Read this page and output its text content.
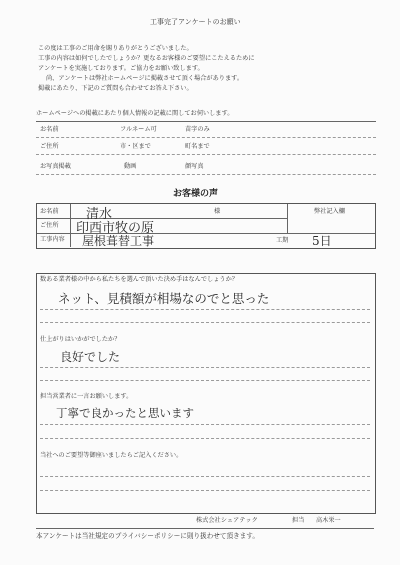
工事完了アンケートのお願い
この度は工事のご用命を賜りありがとうございました。
工事の内容は如何でしたでしょうか？更なるお客様のご要望にこたえるために
アンケートを実施しております。ご協力をお願い致します。
尚、アンケートは弊社ホームページに掲載させて頂く場合があります。
掲載にあたり、下記のご質問も合わせてお答え下さい。
ホームページへの掲載にあたり個人情報の記載に関してお伺いします。
お名前	フルネーム可	苗字のみ
ご住所	市・区まで	町名まで
お写真掲載	動画	顔写真
お客様の声
お名前 清水	様	弊社記入欄
ご住所 印西市牧の原
工事内容 屋根葺替工事	工期 5日
数ある業者様の中から私たちを選んで頂いた決め手はなんでしょうか？
ネット、見積額が相場なのでと思った
仕上がりはいかがでしたか？
良好でした
担当営業者に一言お願いします。
丁寧で良かったと思います
当社へのご要望等御座いましたらご記入ください。
株式会社シェアテック	担当 高木栄一
本アンケートは当社規定のプライバシーポリシーに則り扱わせて頂きます。
